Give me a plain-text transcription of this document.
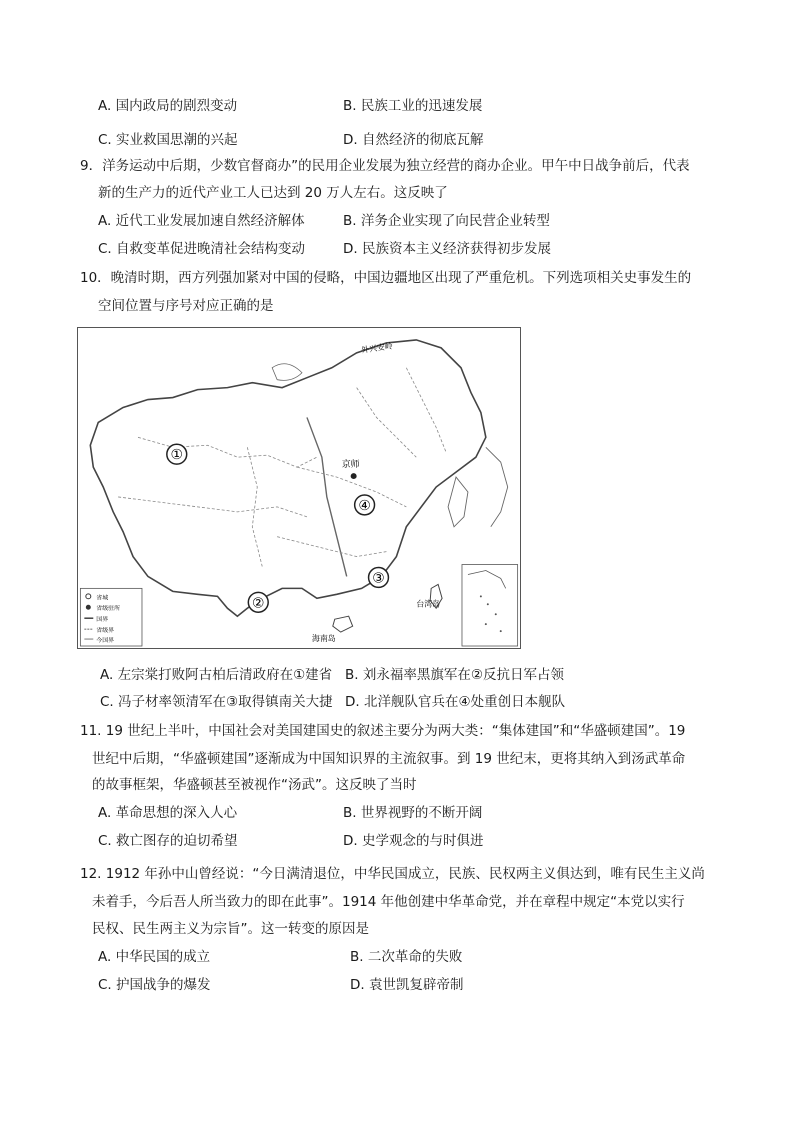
A. 国内政局的剧烈变动	B. 民族工业的迅速发展
C. 实业救国思潮的兴起	D. 自然经济的彻底瓦解
9．洋务运动中后期，少数官督商办”的民用企业发展为独立经营的商办企业。甲午中日战争前后，代表
新的生产力的近代产业工人已达到 20 万人左右。这反映了
A. 近代工业发展加速自然经济解体	B. 洋务企业实现了向民营企业转型
C. 自救变革促进晚清社会结构变动	D. 民族资本主义经济获得初步发展
10．晚清时期，西方列强加紧对中国的侵略，中国边疆地区出现了严重危机。下列选项相关史事发生的
空间位置与序号对应正确的是
①
④
③
②
京师
台湾岛
海南岛
外兴安岭
省城
省级驻所
国界
省级界
今国界
A. 左宗棠打败阿古柏后清政府在①建省 B. 刘永福率黑旗军在②反抗日军占领
C. 冯子材率领清军在③取得镇南关大捷 D. 北洋舰队官兵在④处重创日本舰队
11. 19 世纪上半叶，中国社会对美国建国史的叙述主要分为两大类：“集体建国”和“华盛顿建国”。19
世纪中后期，“华盛顿建国”逐渐成为中国知识界的主流叙事。到 19 世纪末，更将其纳入到汤武革命
的故事框架，华盛顿甚至被视作“汤武”。这反映了当时
A. 革命思想的深入人心	B. 世界视野的不断开阔
C. 救亡图存的迫切希望	D. 史学观念的与时俱进
12. 1912 年孙中山曾经说：“今日满清退位，中华民国成立，民族、民权两主义俱达到，唯有民生主义尚
未着手，今后吾人所当致力的即在此事”。1914 年他创建中华革命党，并在章程中规定“本党以实行
民权、民生两主义为宗旨”。这一转变的原因是
A. 中华民国的成立	B. 二次革命的失败
C. 护国战争的爆发	D. 袁世凯复辟帝制
